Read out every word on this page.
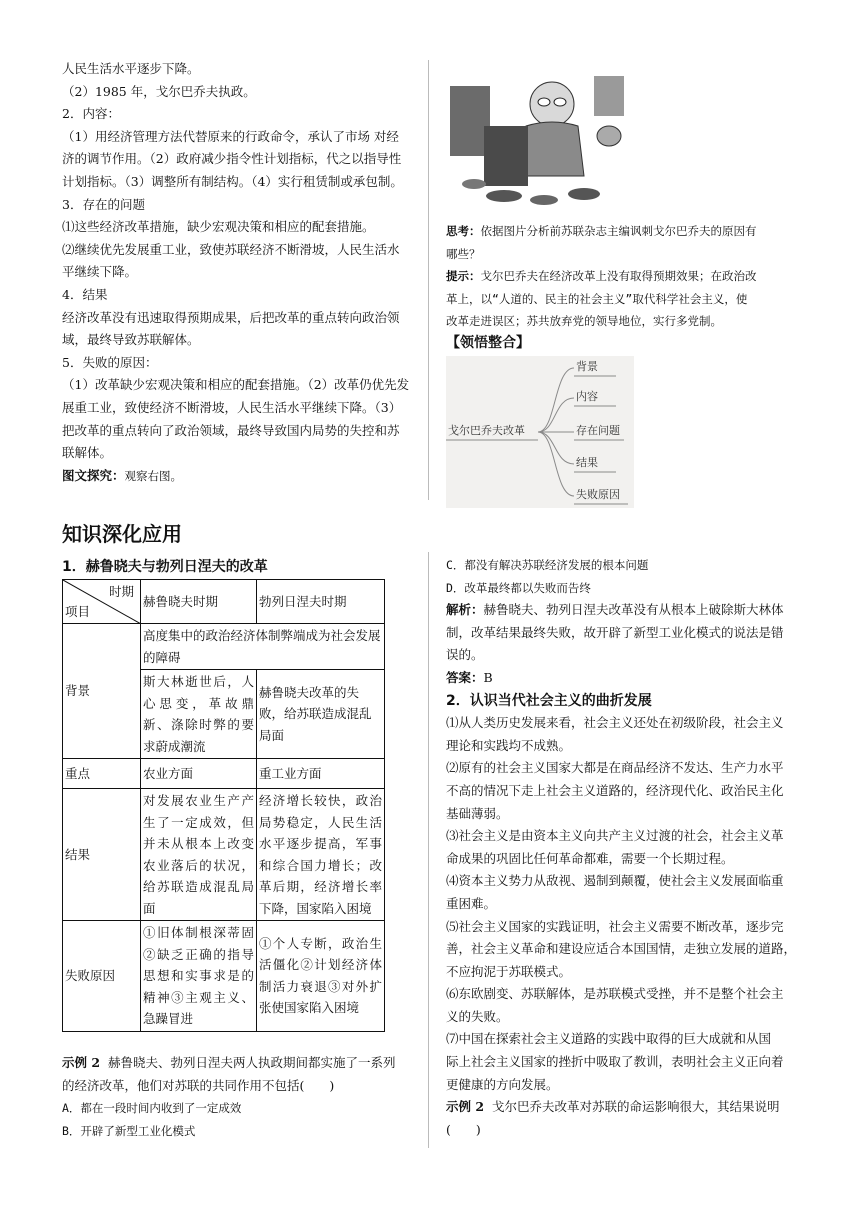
人民生活水平逐步下降。

（2）1985 年，戈尔巴乔夫执政。

2．内容：

（1）用经济管理方法代替原来的行政命令，承认了市场 对经

济的调节作用。（2）政府减少指令性计划指标，代之以指导性

计划指标。（3）调整所有制结构。（4）实行租赁制或承包制。

3．存在的问题

⑴这些经济改革措施，缺少宏观决策和相应的配套措施。

⑵继续优先发展重工业，致使苏联经济不断滑坡，人民生活水

平继续下降。

4．结果

经济改革没有迅速取得预期成果，后把改革的重点转向政治领

域，最终导致苏联解体。

5．失败的原因：

（1）改革缺少宏观决策和相应的配套措施。（2）改革仍优先发

展重工业，致使经济不断滑坡，人民生活水平继续下降。（3）

把改革的重点转向了政治领域，最终导致国内局势的失控和苏

联解体。

图文探究：观察右图。

思考：依据图片分析前苏联杂志主编讽刺戈尔巴乔夫的原因有

哪些？

提示：戈尔巴乔夫在经济改革上没有取得预期效果；在政治改

革上，以“人道的、民主的社会主义”取代科学社会主义，使

改革走进误区；苏共放弃党的领导地位，实行多党制。

【领悟整合】
戈尔巴乔夫改革
背景
内容
存在问题
结果
失败原因
知识深化应用
1．赫鲁晓夫与勃列日涅夫的改革
时期
项目	赫鲁晓夫时期	勃列日涅夫时期
背景	高度集中的政治经济体制弊端成为社会发展的障碍	
	斯大林逝世后，人心思变，革故鼎新、涤除时弊的要求蔚成潮流	赫鲁晓夫改革的失败，给苏联造成混乱局面
重点	农业方面	重工业方面
结果	对发展农业生产产生了一定成效，但并未从根本上改变农业落后的状况，给苏联造成混乱局面	经济增长较快，政治局势稳定，人民生活水平逐步提高，军事和综合国力增长；改革后期，经济增长率下降，国家陷入困境
失败原因	①旧体制根深蒂固②缺乏正确的指导思想和实事求是的精神③主观主义、急躁冒进	①个人专断，政治生活僵化②计划经济体制活力衰退③对外扩张使国家陷入困境

示例 2 赫鲁晓夫、勃列日涅夫两人执政期间都实施了一系列

的经济改革，他们对苏联的共同作用不包括(　　)

A．都在一段时间内收到了一定成效

B．开辟了新型工业化模式

C．都没有解决苏联经济发展的根本问题

D．改革最终都以失败而告终

解析：赫鲁晓夫、勃列日涅夫改革没有从根本上破除斯大林体

制，改革结果最终失败，故开辟了新型工业化模式的说法是错

误的。

答案：B

2．认识当代社会主义的曲折发展

⑴从人类历史发展来看，社会主义还处在初级阶段，社会主义

理论和实践均不成熟。

⑵原有的社会主义国家大都是在商品经济不发达、生产力水平

不高的情况下走上社会主义道路的，经济现代化、政治民主化

基础薄弱。

⑶社会主义是由资本主义向共产主义过渡的社会，社会主义革

命成果的巩固比任何革命都难，需要一个长期过程。

⑷资本主义势力从敌视、遏制到颠覆，使社会主义发展面临重

重困难。

⑸社会主义国家的实践证明，社会主义需要不断改革，逐步完

善，社会主义革命和建设应适合本国国情，走独立发展的道路，

不应拘泥于苏联模式。

⑹东欧剧变、苏联解体，是苏联模式受挫，并不是整个社会主

义的失败。

⑺中国在探索社会主义道路的实践中取得的巨大成就和从国

际上社会主义国家的挫折中吸取了教训，表明社会主义正向着

更健康的方向发展。

示例 2 戈尔巴乔夫改革对苏联的命运影响很大，其结果说明

(　　)
